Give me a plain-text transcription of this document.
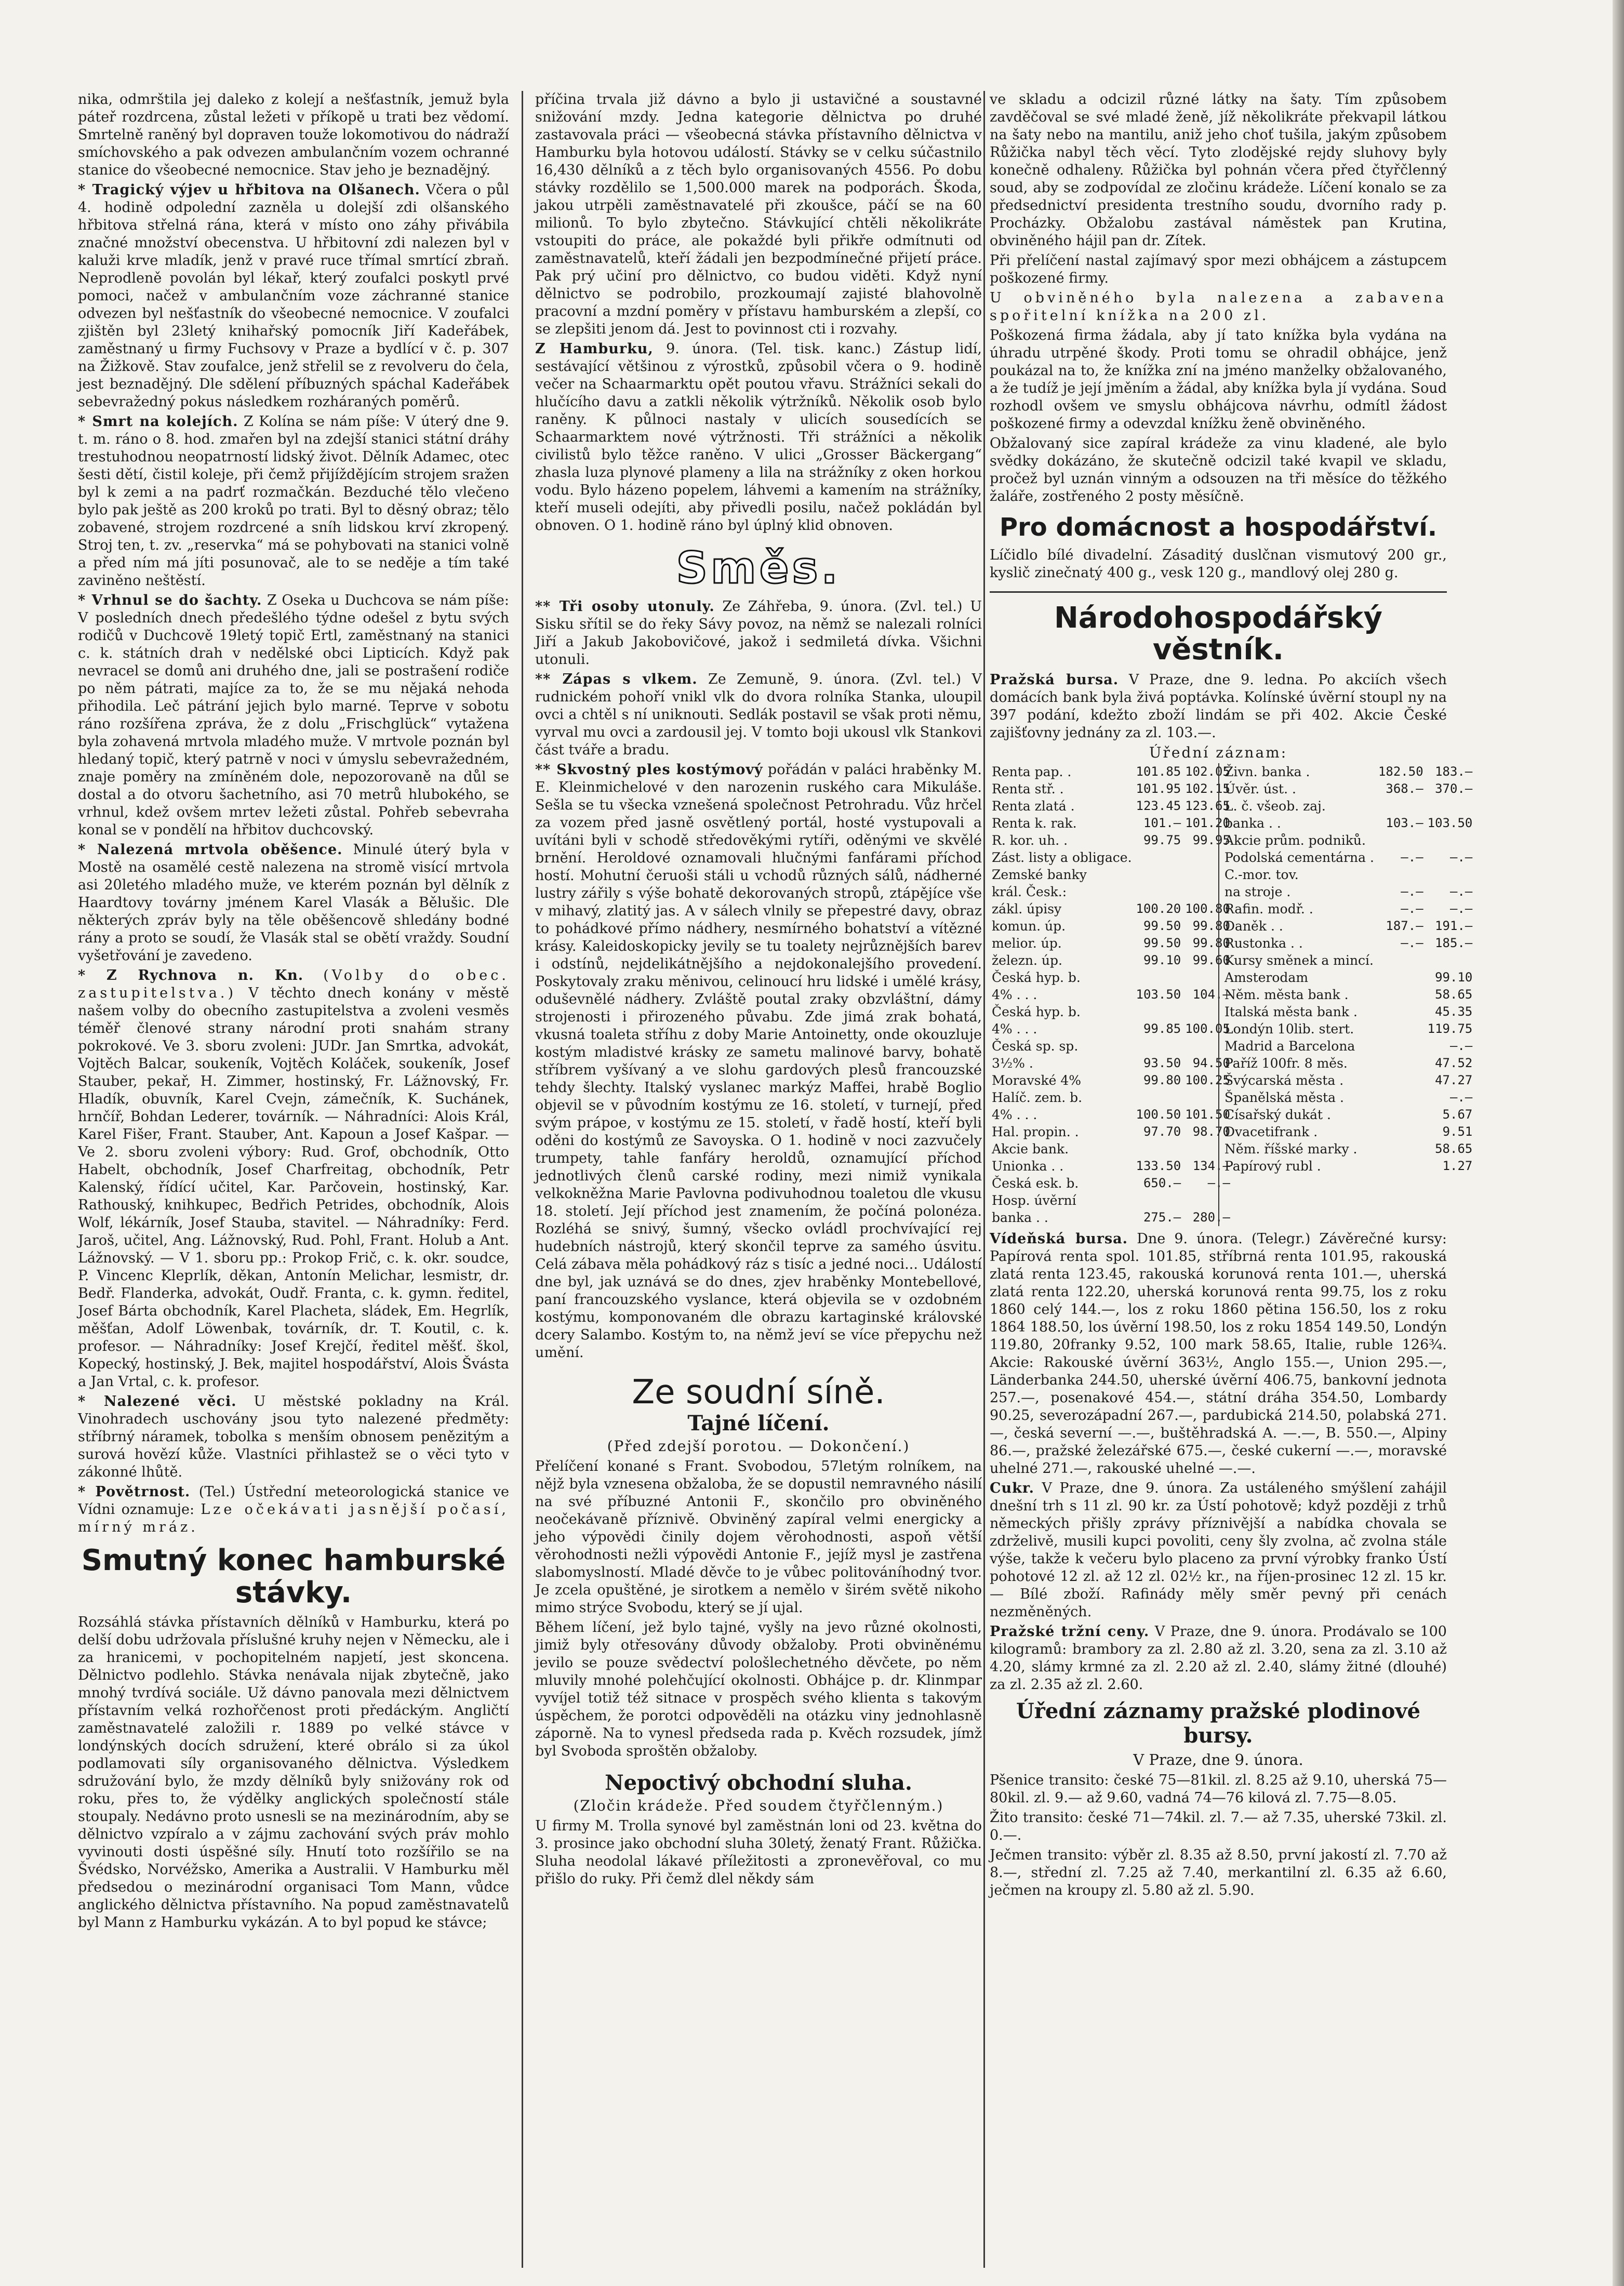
nika, odmrštila jej daleko z kolejí a nešťastník, jemuž byla páteř rozdrcena, zůstal ležeti v příkopě u trati bez vědomí. Smrtelně raněný byl dopraven touže lokomotivou do nádraží smíchovského a pak odvezen ambulančním vozem ochranné stanice do všeobecné nemocnice. Stav jeho je beznadějný.

* Tragický výjev u hřbitova na Olšanech. Včera o půl 4. hodině odpolední zazněla u dolejší zdi olšanského hřbitova střelná rána, která v místo ono záhy přivábila značné množství obecenstva. U hřbitovní zdi nalezen byl v kaluži krve mladík, jenž v pravé ruce třímal smrtící zbraň. Neprodleně povolán byl lékař, který zoufalci poskytl prvé pomoci, načež v ambulančním voze záchranné stanice odvezen byl nešťastník do všeobecné nemocnice. V zoufalci zjištěn byl 23letý knihařský pomocník Jiří Kadeřábek, zaměstnaný u firmy Fuchsovy v Praze a bydlící v č. p. 307 na Žižkově. Stav zoufalce, jenž střelil se z revolveru do čela, jest beznadějný. Dle sdělení příbuzných spáchal Kadeřábek sebevražedný pokus následkem rozháraných poměrů.

* Smrt na kolejích. Z Kolína se nám píše: V úterý dne 9. t. m. ráno o 8. hod. zmařen byl na zdejší stanici státní dráhy trestuhodnou neopatrností lidský život. Dělník Adamec, otec šesti dětí, čistil koleje, při čemž přijíždějícím strojem sražen byl k zemi a na padrť rozmačkán. Bezduché tělo vlečeno bylo pak ještě as 200 kroků po trati. Byl to děsný obraz; tělo zobavené, strojem rozdrcené a sníh lidskou krví zkropený. Stroj ten, t. zv. „reservka“ má se pohybovati na stanici volně a před ním má jíti posunovač, ale to se neděje a tím také zaviněno neštěstí.

* Vrhnul se do šachty. Z Oseka u Duchcova se nám píše: V posledních dnech předešlého týdne odešel z bytu svých rodičů v Duchcově 19letý topič Ertl, zaměstnaný na stanici c. k. státních drah v nedělské obci Lipticích. Když pak nevracel se domů ani druhého dne, jali se postrašení rodiče po něm pátrati, majíce za to, že se mu nějaká nehoda přihodila. Leč pátrání jejich bylo marné. Teprve v sobotu ráno rozšířena zpráva, že z dolu „Frischglück“ vytažena byla zohavená mrtvola mladého muže. V mrtvole poznán byl hledaný topič, který patrně v noci v úmyslu sebevražedném, znaje poměry na zmíněném dole, nepozorovaně na důl se dostal a do otvoru šachetního, asi 70 metrů hlubokého, se vrhnul, kdež ovšem mrtev ležeti zůstal. Pohřeb sebevraha konal se v pondělí na hřbitov duchcovský.

* Nalezená mrtvola oběšence. Minulé úterý byla v Mostě na osamělé cestě nalezena na stromě visící mrtvola asi 20letého mladého muže, ve kterém poznán byl dělník z Haardtovy továrny jménem Karel Vlasák a Bělušic. Dle některých zpráv byly na těle oběšencově shledány bodné rány a proto se soudí, že Vlasák stal se obětí vraždy. Soudní vyšetřování je zavedeno.

* Z Rychnova n. Kn. (Volby do obec. zastupitelstva.) V těchto dnech konány v městě našem volby do obecního zastupitelstva a zvoleni vesměs téměř členové strany národní proti snahám strany pokrokové. Ve 3. sboru zvoleni: JUDr. Jan Smrtka, advokát, Vojtěch Balcar, soukeník, Vojtěch Koláček, soukeník, Josef Stauber, pekař, H. Zimmer, hostinský, Fr. Lážnovský, Fr. Hladík, obuvník, Karel Cvejn, zámečník, K. Suchánek, hrnčíř, Bohdan Lederer, továrník. — Náhradníci: Alois Král, Karel Fišer, Frant. Stauber, Ant. Kapoun a Josef Kašpar. — Ve 2. sboru zvoleni výbory: Rud. Grof, obchodník, Otto Habelt, obchodník, Josef Charfreitag, obchodník, Petr Kalenský, řídící učitel, Kar. Parčovein, hostinský, Kar. Rathouský, knihkupec, Bedřich Petrides, obchodník, Alois Wolf, lékárník, Josef Stauba, stavitel. — Náhradníky: Ferd. Jaroš, učitel, Ang. Lážnovský, Rud. Pohl, Frant. Holub a Ant. Lážnovský. — V 1. sboru pp.: Prokop Frič, c. k. okr. soudce, P. Vincenc Kleprlík, děkan, Antonín Melichar, lesmistr, dr. Bedř. Flanderka, advokát, Oudř. Franta, c. k. gymn. ředitel, Josef Bárta obchodník, Karel Placheta, sládek, Em. Hegrlík, měšťan, Adolf Löwenbak, továrník, dr. T. Koutil, c. k. profesor. — Náhradníky: Josef Krejčí, ředitel měšť. škol, Kopecký, hostinský, J. Bek, majitel hospodářství, Alois Švásta a Jan Vrtal, c. k. profesor.

* Nalezené věci. U městské pokladny na Král. Vinohradech uschovány jsou tyto nalezené předměty: stříbrný náramek, tobolka s menším obnosem penězitým a surová hovězí kůže. Vlastníci přihlastež se o věci tyto v zákonné lhůtě.

* Povětrnost. (Tel.) Ústřední meteorologická stanice ve Vídni oznamuje: Lze očekávati jasnější počasí, mírný mráz.

Smutný konec hamburské stávky.

Rozsáhlá stávka přístavních dělníků v Hamburku, která po delší dobu udržovala příslušné kruhy nejen v Německu, ale i za hranicemi, v pochopitelném napjetí, jest skoncena. Dělnictvo podlehlo. Stávka nenávala nijak zbytečně, jako mnohý tvrdívá sociále. Už dávno panovala mezi dělnictvem přístavním velká rozhořčenost proti předáckým. Angličtí zaměstnavatelé založili r. 1889 po velké stávce v londýnských docích sdružení, které obrálo si za úkol podlamovati síly organisovaného dělnictva. Výsledkem sdružování bylo, že mzdy dělníků byly snižovány rok od roku, přes to, že výdělky anglických společností stále stoupaly. Nedávno proto usnesli se na mezinárodním, aby se dělnictvo vzpíralo a v zájmu zachování svých práv mohlo vyvinouti dosti úspěšné síly. Hnutí toto rozšířilo se na Švédsko, Norvéžsko, Amerika a Australii. V Hamburku měl předsedou o mezinárodní organisaci Tom Mann, vůdce anglického dělnictva přístavního. Na popud zaměstnavatelů byl Mann z Hamburku vykázán. A to byl popud ke stávce;

příčina trvala již dávno a bylo ji ustavičné a soustavné snižování mzdy. Jedna kategorie dělnictva po druhé zastavovala práci — všeobecná stávka přístavního dělnictva v Hamburku byla hotovou událostí. Stávky se v celku súčastnilo 16,430 dělníků a z těch bylo organisovaných 4556. Po dobu stávky rozdělilo se 1,500.000 marek na podporách. Škoda, jakou utrpěli zaměstnavatelé při zkoušce, páčí se na 60 milionů. To bylo zbytečno. Stávkující chtěli několikráte vstoupiti do práce, ale pokaždé byli přikře odmítnuti od zaměstnavatelů, kteří žádali jen bezpodmínečné přijetí práce. Pak prý učiní pro dělnictvo, co budou viděti. Když nyní dělnictvo se podrobilo, prozkoumají zajisté blahovolně pracovní a mzdní poměry v přístavu hamburském a zlepší, co se zlepšiti jenom dá. Jest to povinnost cti i rozvahy.

Z Hamburku, 9. února. (Tel. tisk. kanc.) Zástup lidí, sestávající většinou z výrostků, způsobil včera o 9. hodině večer na Schaarmarktu opět poutou vřavu. Strážníci sekali do hlučícího davu a zatkli několik výtržníků. Několik osob bylo raněny. K půlnoci nastaly v ulicích sousedících se Schaarmarktem nové výtržnosti. Tři strážníci a několik civilistů bylo těžce raněno. V ulici „Grosser Bäckergang“ zhasla luza plynové plameny a lila na strážníky z oken horkou vodu. Bylo házeno popelem, láhvemi a kamením na strážníky, kteří museli odejíti, aby přivedli posilu, načež pokládán byl obnoven. O 1. hodině ráno byl úplný klid obnoven.

Směs.

** Tři osoby utonuly. Ze Záhřeba, 9. února. (Zvl. tel.) U Sisku sřítil se do řeky Sávy povoz, na němž se nalezali rolníci Jiří a Jakub Jakobovičové, jakož i sedmiletá dívka. Všichni utonuli.

** Zápas s vlkem. Ze Zemuně, 9. února. (Zvl. tel.) V rudnickém pohoří vnikl vlk do dvora rolníka Stanka, uloupil ovci a chtěl s ní uniknouti. Sedlák postavil se však proti němu, vyrval mu ovci a zardousil jej. V tomto boji ukousl vlk Stankovi část tváře a bradu.

** Skvostný ples kostýmový pořádán v paláci hraběnky M. E. Kleinmichelové v den narozenin ruského cara Mikuláše. Sešla se tu všecka vznešená společnost Petrohradu. Vůz hrčel za vozem před jasně osvětlený portál, hosté vystupovali a uvítáni byli v schodě středověkými rytíři, oděnými ve skvělé brnění. Heroldové oznamovali hlučnými fanfárami příchod hostí. Mohutní čeruoši stáli u vchodů různých sálů, nádherné lustry zářily s výše bohatě dekorovaných stropů, ztápějíce vše v mihavý, zlatitý jas. A v sálech vlnily se přepestré davy, obraz to pohádkové přímo nádhery, nesmírného bohatství a vítězné krásy. Kaleidoskopicky jevily se tu toalety nejrůznějších barev i odstínů, nejdelikátnějšího a nejdokonalejšího provedení. Poskytovaly zraku měnivou, celinoucí hru lidské i umělé krásy, oduševnělé nádhery. Zvláště poutal zraky obzvláštní, dámy strojenosti i přirozeného půvabu. Zde jimá zrak bohatá, vkusná toaleta stříhu z doby Marie Antoinetty, onde okouzluje kostým mladistvé krásky ze sametu malinové barvy, bohatě stříbrem vyšívaný a ve slohu gardových plesů francouzské tehdy šlechty. Italský vyslanec markýz Maffei, hrabě Boglio objevil se v původním kostýmu ze 16. století, v turnejí, před svým prápoe, v kostýmu ze 15. století, v řadě hostí, kteří byli oděni do kostýmů ze Savoyska. O 1. hodině v noci zazvučely trumpety, tahle fanfáry heroldů, oznamující příchod jednotlivých členů carské rodiny, mezi nimiž vynikala velkokněžna Marie Pavlovna podivuhodnou toaletou dle vkusu 18. století. Její příchod jest znamením, že počíná polonéza. Rozléhá se snivý, šumný, všecko ovládl prochvívající rej hudebních nástrojů, který skončil teprve za samého úsvitu. Celá zábava měla pohádkový ráz s tisíc a jedné noci... Událostí dne byl, jak uznává se do dnes, zjev hraběnky Montebellové, paní francouzského vyslance, která objevila se v ozdobném kostýmu, komponovaném dle obrazu kartaginské královské dcery Salambo. Kostým to, na němž jeví se více přepychu než umění.

Ze soudní síně.
Tajné líčení.
(Před zdejší porotou. — Dokončení.)

Přelíčení konané s Frant. Svobodou, 57letým rolníkem, na nějž byla vznesena obžaloba, že se dopustil nemravného násilí na své příbuzné Antonii F., skončilo pro obviněného neočekávaně příznivě. Obviněný zapíral velmi energicky a jeho výpovědi činily dojem věrohodnosti, aspoň větší věrohodnosti nežli výpovědi Antonie F., jejíž mysl je zastřena slabomyslností. Mladé děvče to je vůbec politováníhodný tvor. Je zcela opuštěné, je sirotkem a nemělo v širém světě nikoho mimo strýce Svobodu, který se jí ujal.

Během líčení, jež bylo tajné, vyšly na jevo různé okolnosti, jimiž byly otřesovány důvody obžaloby. Proti obviněnému jevilo se pouze svědectví pološlechetného děvčete, po něm mluvily mnohé polehčující okolnosti. Obhájce p. dr. Klinmpar vyvíjel totiž též sitnace v prospěch svého klienta s takovým úspěchem, že porotci odpověděli na otázku viny jednohlasně záporně. Na to vynesl předseda rada p. Kvěch rozsudek, jímž byl Svoboda sproštěn obžaloby.

Nepoctivý obchodní sluha.
(Zločin krádeže. Před soudem čtyřčlenným.)

U firmy M. Trolla synové byl zaměstnán loni od 23. května do 3. prosince jako obchodní sluha 30letý, ženatý Frant. Růžička. Sluha neodolal lákavé příležitosti a zpronevěřoval, co mu přišlo do ruky. Při čemž dlel někdy sám

ve skladu a odcizil různé látky na šaty. Tím způsobem zavděčoval se své mladé ženě, jíž několikráte překvapil látkou na šaty nebo na mantilu, aniž jeho choť tušila, jakým způsobem Růžička nabyl těch věcí. Tyto zlodějské rejdy sluhovy byly konečně odhaleny. Růžička byl pohnán včera před čtyřčlenný soud, aby se zodpovídal ze zločinu krádeže. Líčení konalo se za předsednictví presidenta trestního soudu, dvorního rady p. Procházky. Obžalobu zastával náměstek pan Krutina, obviněného hájil pan dr. Zítek.

Při přelíčení nastal zajímavý spor mezi obhájcem a zástupcem poškozené firmy.

U obviněného byla nalezena a zabavena spořitelní knížka na 200 zl.

Poškozená firma žádala, aby jí tato knížka byla vydána na úhradu utrpěné škody. Proti tomu se ohradil obhájce, jenž poukázal na to, že knížka zní na jméno manželky obžalovaného, a že tudíž je její jměním a žádal, aby knížka byla jí vydána. Soud rozhodl ovšem ve smyslu obhájcova návrhu, odmítl žádost poškozené firmy a odevzdal knížku ženě obviněného.

Obžalovaný sice zapíral krádeže za vinu kladené, ale bylo svědky dokázáno, že skutečně odcizil také kvapil ve skladu, pročež byl uznán vinným a odsouzen na tři měsíce do těžkého žaláře, zostřeného 2 posty měsíčně.

Pro domácnost a hospodářství.

Líčidlo bílé divadelní. Zásaditý duslčnan vismutový 200 gr., kyslič zinečnatý 400 g., vesk 120 g., mandlový olej 280 g.

Národohospodářský věstník.

Pražská bursa. V Praze, dne 9. ledna. Po akciích všech domácích bank byla živá poptávka. Kolínské úvěrní stoupl ny na 397 podání, kdežto zboží lindám se při 402. Akcie České zajišťovny jednány za zl. 103.—.

Úřední záznam:
Renta pap. .	101.85	102.05
Renta stř. .	101.95	102.15
Renta zlatá .	123.45	123.65
Renta k. rak.	101.—	101.20
R. kor. uh. .	99.75	99.95
Zást. listy a obligace.		
Zemské banky		
král. Česk.:		
zákl. úpisy	100.20	100.80
komun. úp.	99.50	99.80
melior. úp.	99.50	99.80
železn. úp.	99.10	99.60
Česká hyp. b.		
4% . . .	103.50	104.—
Česká hyp. b.		
4% . . .	99.85	100.05
Česká sp. sp.		
3½% .	93.50	94.50
Moravské 4%	99.80	100.25
Halíč. zem. b.		
4% . . .	100.50	101.50
Hal. propin. .	97.70	98.70
Akcie bank.		
Unionka . .	133.50	134.—
Česká esk. b.	650.—	—.—
Hosp. úvěrní		
banka . .	275.—	280.—
Živn. banka .	182.50	183.—
Úvěr. úst. .	368.—	370.—
L. č. všeob. zaj.		
banka . .	103.—	103.50
Akcie prům. podniků.		
Podolská cementárna .	—.—	—.—
C.-mor. tov.		
na stroje .	—.—	—.—
Rafin. modř. .	—.—	—.—
Daněk . .	187.—	191.—
Rustonka . .	—.—	185.—
Kursy směnek a mincí.		
Amsterodam		99.10
Něm. města bank .		58.65
Italská města bank .		45.35
Londýn 10lib. stert.		119.75
Madrid a Barcelona		—.—
Paříž 100fr. 8 měs.		47.52
Švýcarská města .		47.27
Španělská města .		—.—
Císařský dukát .		5.67
Dvacetifrank .		9.51
Něm. říšské marky .		58.65
Papírový rubl .		1.27

Vídeňská bursa. Dne 9. února. (Telegr.) Závěrečné kursy: Papírová renta spol. 101.85, stříbrná renta 101.95, rakouská zlatá renta 123.45, rakouská korunová renta 101.—, uherská zlatá renta 122.20, uherská korunová renta 99.75, los z roku 1860 celý 144.—, los z roku 1860 pětina 156.50, los z roku 1864 188.50, los úvěrní 198.50, los z roku 1854 149.50, Londýn 119.80, 20franky 9.52, 100 mark 58.65, Italie, ruble 126¾. Akcie: Rakouské úvěrní 363½, Anglo 155.—, Union 295.—, Länderbanka 244.50, uherské úvěrní 406.75, bankovní jednota 257.—, posenakové 454.—, státní dráha 354.50, Lombardy 90.25, severozápadní 267.—, pardubická 214.50, polabská 271.—, česká severní —.—, buštěhradská A. —.—, B. 550.—, Alpiny 86.—, pražské železářské 675.—, české cukerní —.—, moravské uhelné 271.—, rakouské uhelné —.—.

Cukr. V Praze, dne 9. února. Za ustáleného smýšlení zahájil dnešní trh s 11 zl. 90 kr. za Ústí pohotově; když později z trhů německých přišly zprávy příznivější a nabídka chovala se zdrželivě, musili kupci povoliti, ceny šly zvolna, ač zvolna stále výše, takže k večeru bylo placeno za první výrobky franko Ústí pohotové 12 zl. až 12 zl. 02½ kr., na říjen-prosinec 12 zl. 15 kr. — Bílé zboží. Rafinády měly směr pevný při cenách nezměněných.

Pražské tržní ceny. V Praze, dne 9. února. Prodávalo se 100 kilogramů: brambory za zl. 2.80 až zl. 3.20, sena za zl. 3.10 až 4.20, slámy krmné za zl. 2.20 až zl. 2.40, slámy žitné (dlouhé) za zl. 2.35 až zl. 2.60.

Úřední záznamy pražské plodinové bursy.

V Praze, dne 9. února.

Pšenice transito: české 75—81kil. zl. 8.25 až 9.10, uherská 75—80kil. zl. 9.— až 9.60, vadná 74—76 kilová zl. 7.75—8.05.

Žito transito: české 71—74kil. zl. 7.— až 7.35, uherské 73kil. zl. 0.—.

Ječmen transito: výběr zl. 8.35 až 8.50, první jakostí zl. 7.70 až 8.—, střední zl. 7.25 až 7.40, merkantilní zl. 6.35 až 6.60, ječmen na kroupy zl. 5.80 až zl. 5.90.
